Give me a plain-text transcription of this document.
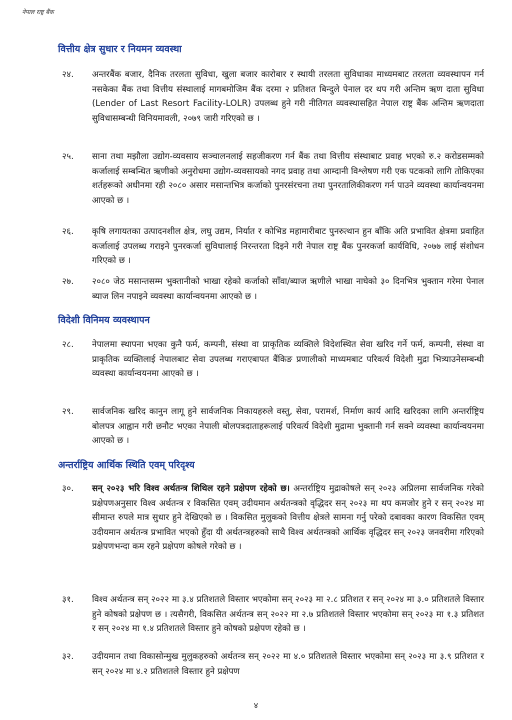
नेपाल राष्ट्र बैंक
वित्तीय क्षेत्र सुधार र नियमन व्यवस्था
२४. अन्तरबैंक बजार, दैनिक तरलता सुविधा, खुला बजार कारोबार र स्थायी तरलता सुविधाका माध्यमबाट तरलता व्यवस्थापन गर्न नसकेका बैंक तथा वित्तीय संस्थालाई मागबमोजिम बैंक दरमा २ प्रतिशत बिन्दुले पेनाल दर थप गरी अन्तिम ऋण दाता सुविधा (Lender of Last Resort Facility-LOLR) उपलब्ध हुने गरी नीतिगत व्यवस्थासहित नेपाल राष्ट्र बैंक अन्तिम ऋणदाता सुविधासम्बन्धी विनियमावली, २०७९ जारी गरिएको छ ।
२५. साना तथा मझौला उद्योग-व्यवसाय सञ्चालनलाई सहजीकरण गर्न बैंक तथा वित्तीय संस्थाबाट प्रवाह भएको रु.२ करोडसम्मको कर्जालाई सम्बन्धित ऋणीको अनुरोधमा उद्योग-व्यवसायको नगद प्रवाह तथा आम्दानी विश्लेषण गरी एक पटकको लागि तोकिएका शर्तहरूको अधीनमा रही २०८० असार मसान्तभित्र कर्जाको पुनरसंरचना तथा पुनरतालिकीकरण गर्न पाउने व्यवस्था कार्यान्वयनमा आएको छ ।
२६. कृषि लगायतका उत्पादनशील क्षेत्र, लघु उद्यम, निर्यात र कोभिड महामारीबाट पुनरुत्थान हुन बाँकि अति प्रभावित क्षेत्रमा प्रवाहित कर्जालाई उपलब्ध गराइने पुनरकर्जा सुविधालाई निरन्तरता दिइने गरी नेपाल राष्ट्र बैंक पुनरकर्जा कार्यविधि, २०७७ लाई संशोधन गरिएको छ ।
२७. २०८० जेठ मसान्तसम्म भुक्तानीको भाखा रहेको कर्जाको साँवा/ब्याज ऋणीले भाखा नाघेको ३० दिनभित्र भुक्तान गरेमा पेनाल ब्याज लिन नपाइने व्यवस्था कार्यान्वयनमा आएको छ ।
विदेशी विनिमय व्यवस्थापन
२८. नेपालमा स्थापना भएका कुनै फर्म, कम्पनी, संस्था वा प्राकृतिक व्यक्तिले विदेशस्थित सेवा खरिद गर्ने फर्म, कम्पनी, संस्था वा प्राकृतिक व्यक्तिलाई नेपालबाट सेवा उपलब्ध गराएबापत बैंकिङ प्रणालीको माध्यमबाट परिवर्त्य विदेशी मुद्रा भित्र्याउनेसम्बन्धी व्यवस्था कार्यान्वयनमा आएको छ ।
२९. सार्वजनिक खरिद कानुन लागू हुने सार्वजनिक निकायहरुले वस्तु, सेवा, परामर्श, निर्माण कार्य आदि खरिदका लागि अन्तर्राष्ट्रिय बोलपत्र आह्वान गरी छनौट भएका नेपाली बोलपत्रदाताहरूलाई परिवर्त्य विदेशी मुद्रामा भुक्तानी गर्न सक्ने व्यवस्था कार्यान्वयनमा आएको छ ।
अन्तर्राष्ट्रिय आर्थिक स्थिति एवम् परिदृश्य
३०. सन् २०२३ भरि विश्व अर्थतन्त्र शिथिल रहने प्रक्षेपण रहेको छ। अन्तर्राष्ट्रिय मुद्राकोषले सन् २०२३ अप्रिलमा सार्वजनिक गरेको प्रक्षेपणअनुसार विश्व अर्थतन्त्र र विकसित एवम् उदीयमान अर्थतन्त्रको वृद्धिदर सन् २०२३ मा थप कमजोर हुने र सन् २०२४ मा सीमान्त रुपले मात्र सुधार हुने देखिएको छ । विकसित मुलुकको वित्तीय क्षेत्रले सामना गर्नु परेको दबावका कारण विकसित एवम् उदीयमान अर्थतन्त्र प्रभावित भएको हुँदा यी अर्थतन्त्रहरुको साथै विश्व अर्थतन्त्रको आर्थिक वृद्धिदर सन् २०२३ जनवरीमा गरिएको प्रक्षेपणभन्दा कम रहने प्रक्षेपण कोषले गरेको छ ।
३१. विश्व अर्थतन्त्र सन् २०२२ मा ३.४ प्रतिशतले विस्तार भएकोमा सन् २०२३ मा २.८ प्रतिशत र सन् २०२४ मा ३.० प्रतिशतले विस्तार हुने कोषको प्रक्षेपण छ । त्यसैगरी, विकसित अर्थतन्त्र सन् २०२२ मा २.७ प्रतिशतले विस्तार भएकोमा सन् २०२३ मा १.३ प्रतिशत र सन् २०२४ मा १.४ प्रतिशतले विस्तार हुने कोषको प्रक्षेपण रहेको छ ।
३२. उदीयमान तथा विकासोन्मुख मुलुकहरुको अर्थतन्त्र सन् २०२२ मा ४.० प्रतिशतले विस्तार भएकोमा सन् २०२३ मा ३.९ प्रतिशत र सन् २०२४ मा ४.२ प्रतिशतले विस्तार हुने प्रक्षेपण
४
